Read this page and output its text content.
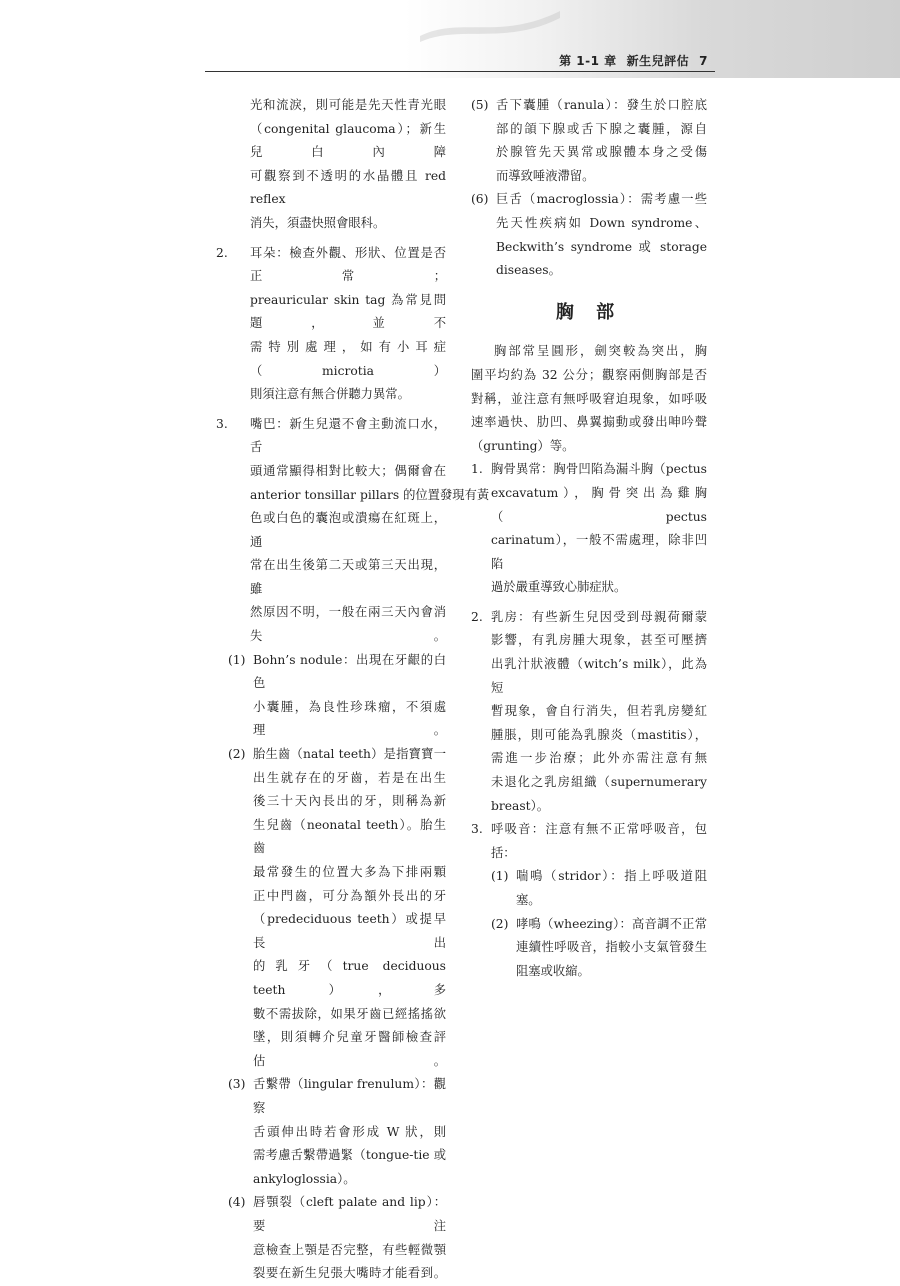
第 1-1 章 新生兒評估 7

光和流淚，則可能是先天性青光眼

（congenital glaucoma）；新生兒白內障

可觀察到不透明的水晶體且 red reflex

消失，須盡快照會眼科。

2. 耳朵：檢查外觀、形狀、位置是否正常；

preauricular skin tag 為常見問題，並不

需特別處理，如有小耳症（microtia）

則須注意有無合併聽力異常。

3. 嘴巴：新生兒還不會主動流口水，舌

頭通常顯得相對比較大；偶爾會在

anterior tonsillar pillars 的位置發現有黃

色或白色的囊泡或潰瘍在紅斑上，通

常在出生後第二天或第三天出現，雖

然原因不明，一般在兩三天內會消失。

(1) Bohn’s nodule：出現在牙齦的白色

小囊腫，為良性珍珠瘤，不須處理。

(2) 胎生齒（natal teeth）是指寶寶一

出生就存在的牙齒，若是在出生

後三十天內長出的牙，則稱為新

生兒齒（neonatal teeth）。胎生齒

最常發生的位置大多為下排兩顆

正中門齒，可分為額外長出的牙

（predeciduous teeth）或提早長出

的乳牙（true deciduous teeth），多

數不需拔除，如果牙齒已經搖搖欲

墜，則須轉介兒童牙醫師檢查評估。

(3) 舌繫帶（lingular frenulum）：觀察

舌頭伸出時若會形成 W 狀，則

需考慮舌繫帶過緊（tongue-tie 或

ankyloglossia）。

(4) 唇顎裂（cleft palate and lip）：要注

意檢查上顎是否完整，有些輕微顎

裂要在新生兒張大嘴時才能看到。

(5) 舌下囊腫（ranula）：發生於口腔底

部的頜下腺或舌下腺之囊腫，源自

於腺管先天異常或腺體本身之受傷

而導致唾液滯留。

(6) 巨舌（macroglossia）：需考慮一些

先天性疾病如 Down syndrome、

Beckwith’s syndrome 或 storage

diseases。

胸 部

胸部常呈圓形，劍突較為突出，胸

圍平均約為 32 公分；觀察兩側胸部是否

對稱，並注意有無呼吸窘迫現象，如呼吸

速率過快、肋凹、鼻翼搧動或發出呻吟聲

（grunting）等。

1. 胸骨異常：胸骨凹陷為漏斗胸（pectus

excavatum），胸骨突出為雞胸（pectus

carinatum），一般不需處理，除非凹陷

過於嚴重導致心肺症狀。

2. 乳房：有些新生兒因受到母親荷爾蒙

影響，有乳房腫大現象，甚至可壓擠

出乳汁狀液體（witch’s milk），此為短

暫現象，會自行消失，但若乳房變紅

腫脹，則可能為乳腺炎（mastitis），

需進一步治療；此外亦需注意有無

未退化之乳房組織（supernumerary

breast）。

3. 呼吸音：注意有無不正常呼吸音，包括：

(1) 喘鳴（stridor）：指上呼吸道阻塞。

(2) 哮鳴（wheezing）：高音調不正常

連續性呼吸音，指較小支氣管發生

阻塞或收縮。
